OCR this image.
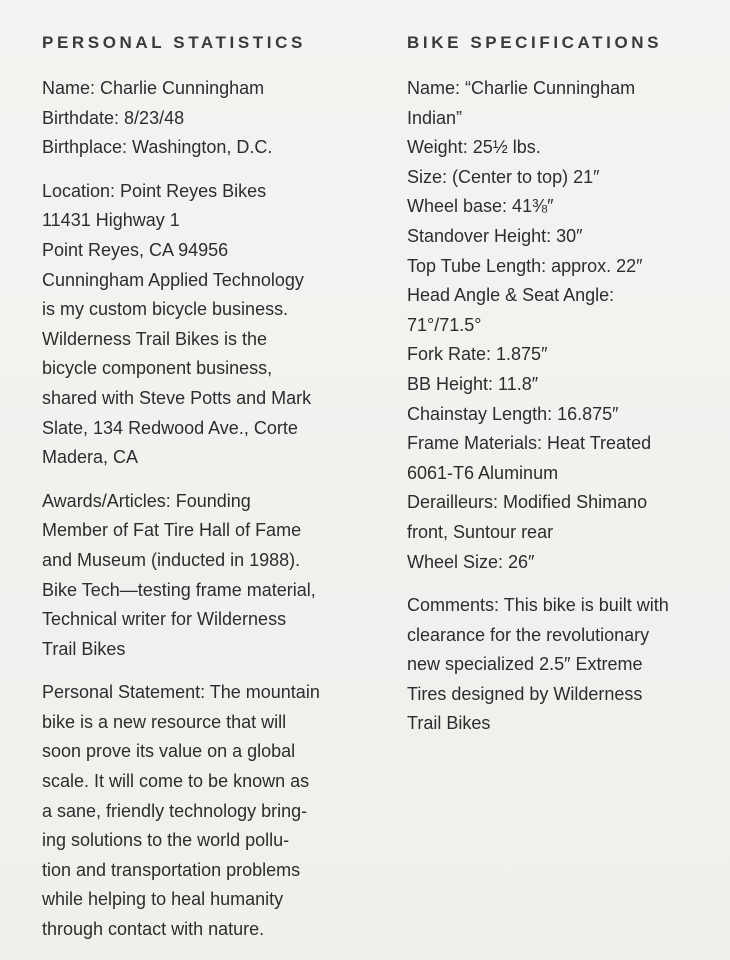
PERSONAL STATISTICS
Name: Charlie Cunningham
Birthdate: 8/23/48
Birthplace: Washington, D.C.
Location: Point Reyes Bikes
11431 Highway 1
Point Reyes, CA 94956
Cunningham Applied Technology
is my custom bicycle business.
Wilderness Trail Bikes is the
bicycle component business,
shared with Steve Potts and Mark
Slate, 134 Redwood Ave., Corte
Madera, CA
Awards/Articles: Founding
Member of Fat Tire Hall of Fame
and Museum (inducted in 1988).
Bike Tech—testing frame material,
Technical writer for Wilderness
Trail Bikes
Personal Statement: The mountain
bike is a new resource that will
soon prove its value on a global
scale. It will come to be known as
a sane, friendly technology bring-
ing solutions to the world pollu-
tion and transportation problems
while helping to heal humanity
through contact with nature.
BIKE SPECIFICATIONS
Name: “Charlie Cunningham
Indian”
Weight: 25½ lbs.
Size: (Center to top) 21″
Wheel base: 41⅜″
Standover Height: 30″
Top Tube Length: approx. 22″
Head Angle & Seat Angle:
71°/71.5°
Fork Rate: 1.875″
BB Height: 11.8″
Chainstay Length: 16.875″
Frame Materials: Heat Treated
6061-T6 Aluminum
Derailleurs: Modified Shimano
front, Suntour rear
Wheel Size: 26″
Comments: This bike is built with
clearance for the revolutionary
new specialized 2.5″ Extreme
Tires designed by Wilderness
Trail Bikes
